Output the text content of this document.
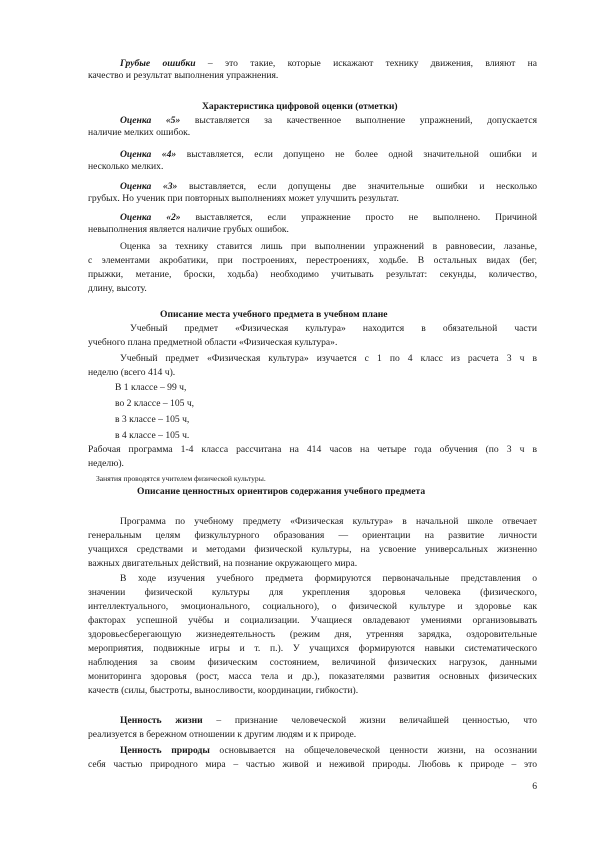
Грубые ошибки – это такие, которые искажают технику движения, влияют на
качество и результат выполнения упражнения.
Характеристика цифровой оценки (отметки)
Оценка «5» выставляется за качественное выполнение упражнений, допускается
наличие мелких ошибок.
Оценка «4» выставляется, если допущено не более одной значительной ошибки и
несколько мелких.
Оценка «3» выставляется, если допущены две значительные ошибки и несколько
грубых. Но ученик при повторных выполнениях может улучшить результат.
Оценка «2» выставляется, если упражнение просто не выполнено. Причиной
невыполнения является наличие грубых ошибок.
Оценка за технику ставится лишь при выполнении упражнений в равновесии, лазанье,
с элементами акробатики, при построениях, перестроениях, ходьбе. В остальных видах (бег,
прыжки, метание, броски, ходьба) необходимо учитывать результат: секунды, количество,
длину, высоту.
Описание места учебного предмета в учебном плане
Учебный предмет «Физическая культура» находится в обязательной части
учебного плана предметной области «Физическая культура».
Учебный предмет «Физическая культура» изучается с 1 по 4 класс из расчета 3 ч в
неделю (всего 414 ч).
В 1 классе – 99 ч,
во 2 классе – 105 ч,
в 3 классе – 105 ч,
в 4 классе – 105 ч.
Рабочая программа 1-4 класса рассчитана на 414 часов на четыре года обучения (по 3 ч в
неделю).
Занятия проводятся учителем физической культуры.
Описание ценностных ориентиров содержания учебного предмета
Программа по учебному предмету «Физическая культура» в начальной школе отвечает
генеральным целям физкультурного образования — ориентации на развитие личности
учащихся средствами и методами физической культуры, на усвоение универсальных жизненно
важных двигательных действий, на познание окружающего мира.
В ходе изучения учебного предмета формируются первоначальные представления о
значении физической культуры для укрепления здоровья человека (физического,
интеллектуального, эмоционального, социального), о физической культуре и здоровье как
факторах успешной учёбы и социализации. Учащиеся овладевают умениями организовывать
здоровьесберегающую жизнедеятельность (режим дня, утренняя зарядка, оздоровительные
мероприятия, подвижные игры и т. п.). У учащихся формируются навыки систематического
наблюдения за своим физическим состоянием, величиной физических нагрузок, данными
мониторинга здоровья (рост, масса тела и др.), показателями развития основных физических
качеств (силы, быстроты, выносливости, координации, гибкости).
Ценность жизни – признание человеческой жизни величайшей ценностью, что
реализуется в бережном отношении к другим людям и к природе.
Ценность природы основывается на общечеловеческой ценности жизни, на осознании
себя частью природного мира – частью живой и неживой природы. Любовь к природе – это
6
